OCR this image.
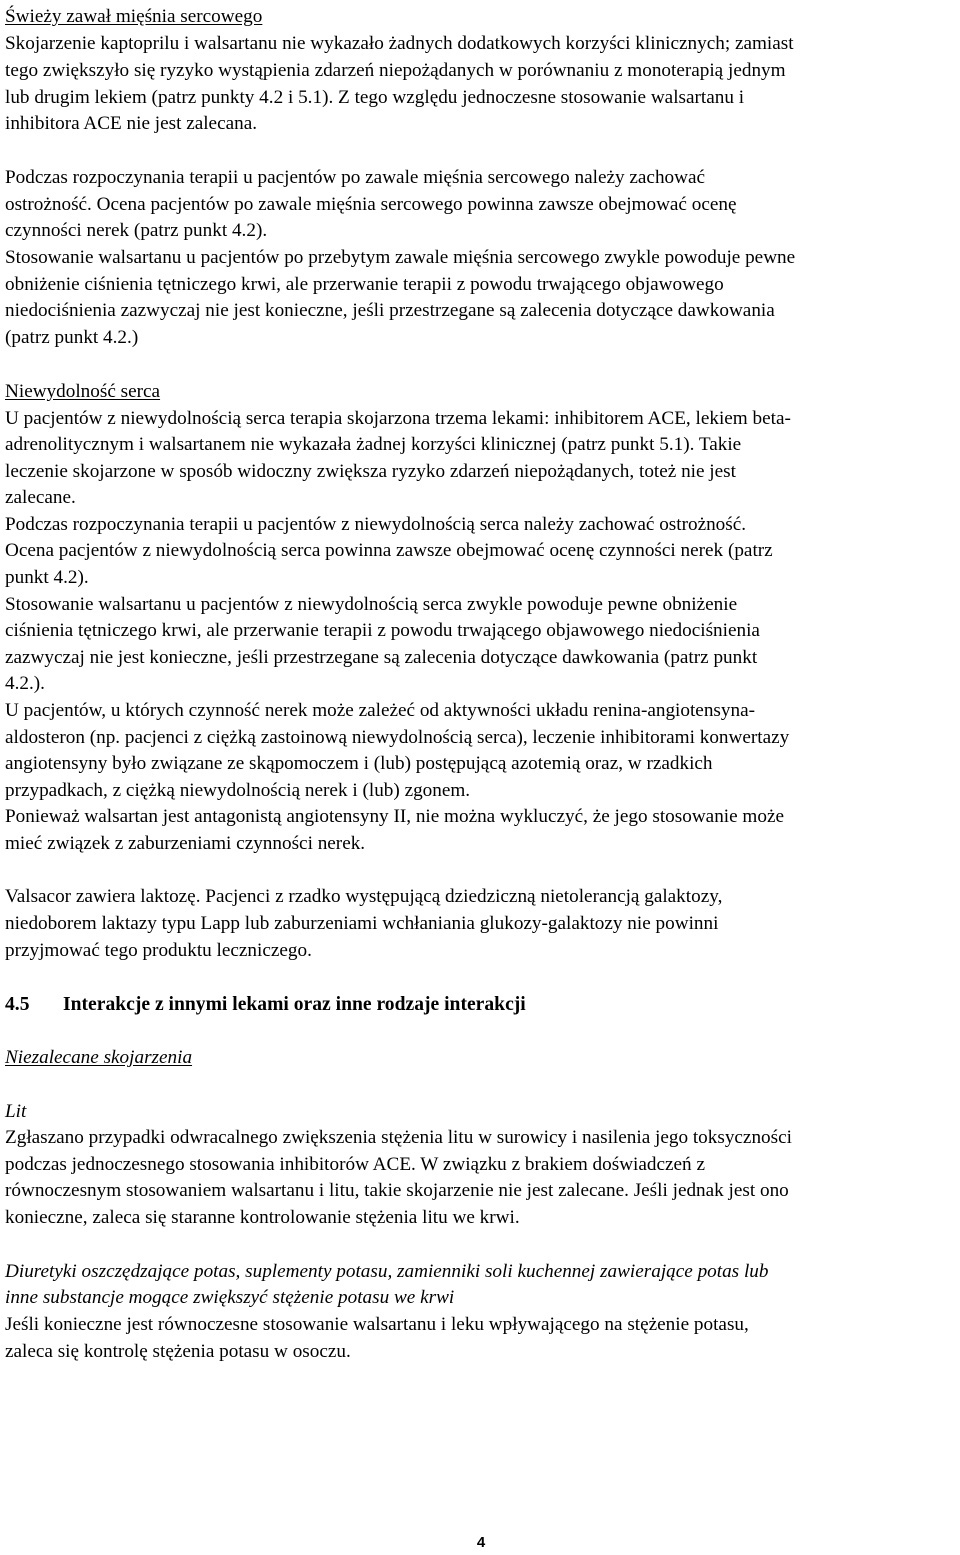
Świeży zawał mięśnia sercowego
Skojarzenie kaptoprilu i walsartanu nie wykazało żadnych dodatkowych korzyści klinicznych; zamiast
tego zwiększyło się ryzyko wystąpienia zdarzeń niepożądanych w porównaniu z monoterapią jednym
lub drugim lekiem (patrz punkty 4.2 i 5.1). Z tego względu jednoczesne stosowanie walsartanu i
inhibitora ACE nie jest zalecana.
Podczas rozpoczynania terapii u pacjentów po zawale mięśnia sercowego należy zachować
ostrożność. Ocena pacjentów po zawale mięśnia sercowego powinna zawsze obejmować ocenę
czynności nerek (patrz punkt 4.2).
Stosowanie walsartanu u pacjentów po przebytym zawale mięśnia sercowego zwykle powoduje pewne
obniżenie ciśnienia tętniczego krwi, ale przerwanie terapii z powodu trwającego objawowego
niedociśnienia zazwyczaj nie jest konieczne, jeśli przestrzegane są zalecenia dotyczące dawkowania
(patrz punkt 4.2.)
Niewydolność serca
U pacjentów z niewydolnością serca terapia skojarzona trzema lekami: inhibitorem ACE, lekiem beta-
adrenolitycznym i walsartanem nie wykazała żadnej korzyści klinicznej (patrz punkt 5.1). Takie
leczenie skojarzone w sposób widoczny zwiększa ryzyko zdarzeń niepożądanych, toteż nie jest
zalecane.
Podczas rozpoczynania terapii u pacjentów z niewydolnością serca należy zachować ostrożność.
Ocena pacjentów z niewydolnością serca powinna zawsze obejmować ocenę czynności nerek (patrz
punkt 4.2).
Stosowanie walsartanu u pacjentów z niewydolnością serca zwykle powoduje pewne obniżenie
ciśnienia tętniczego krwi, ale przerwanie terapii z powodu trwającego objawowego niedociśnienia
zazwyczaj nie jest konieczne, jeśli przestrzegane są zalecenia dotyczące dawkowania (patrz punkt
4.2.).
U pacjentów, u których czynność nerek może zależeć od aktywności układu renina-angiotensyna-
aldosteron (np. pacjenci z ciężką zastoinową niewydolnością serca), leczenie inhibitorami konwertazy
angiotensyny było związane ze skąpomoczem i (lub) postępującą azotemią oraz, w rzadkich
przypadkach, z ciężką niewydolnością nerek i (lub) zgonem.
Ponieważ walsartan jest antagonistą angiotensyny II, nie można wykluczyć, że jego stosowanie może
mieć związek z zaburzeniami czynności nerek.
Valsacor zawiera laktozę. Pacjenci z rzadko występującą dziedziczną nietolerancją galaktozy,
niedoborem laktazy typu Lapp lub zaburzeniami wchłaniania glukozy-galaktozy nie powinni
przyjmować tego produktu leczniczego.
4.5 Interakcje z innymi lekami oraz inne rodzaje interakcji
Niezalecane skojarzenia
Lit
Zgłaszano przypadki odwracalnego zwiększenia stężenia litu w surowicy i nasilenia jego toksyczności
podczas jednoczesnego stosowania inhibitorów ACE. W związku z brakiem doświadczeń z
równoczesnym stosowaniem walsartanu i litu, takie skojarzenie nie jest zalecane. Jeśli jednak jest ono
konieczne, zaleca się staranne kontrolowanie stężenia litu we krwi.
Diuretyki oszczędzające potas, suplementy potasu, zamienniki soli kuchennej zawierające potas lub
inne substancje mogące zwiększyć stężenie potasu we krwi
Jeśli konieczne jest równoczesne stosowanie walsartanu i leku wpływającego na stężenie potasu,
zaleca się kontrolę stężenia potasu w osoczu.
4
